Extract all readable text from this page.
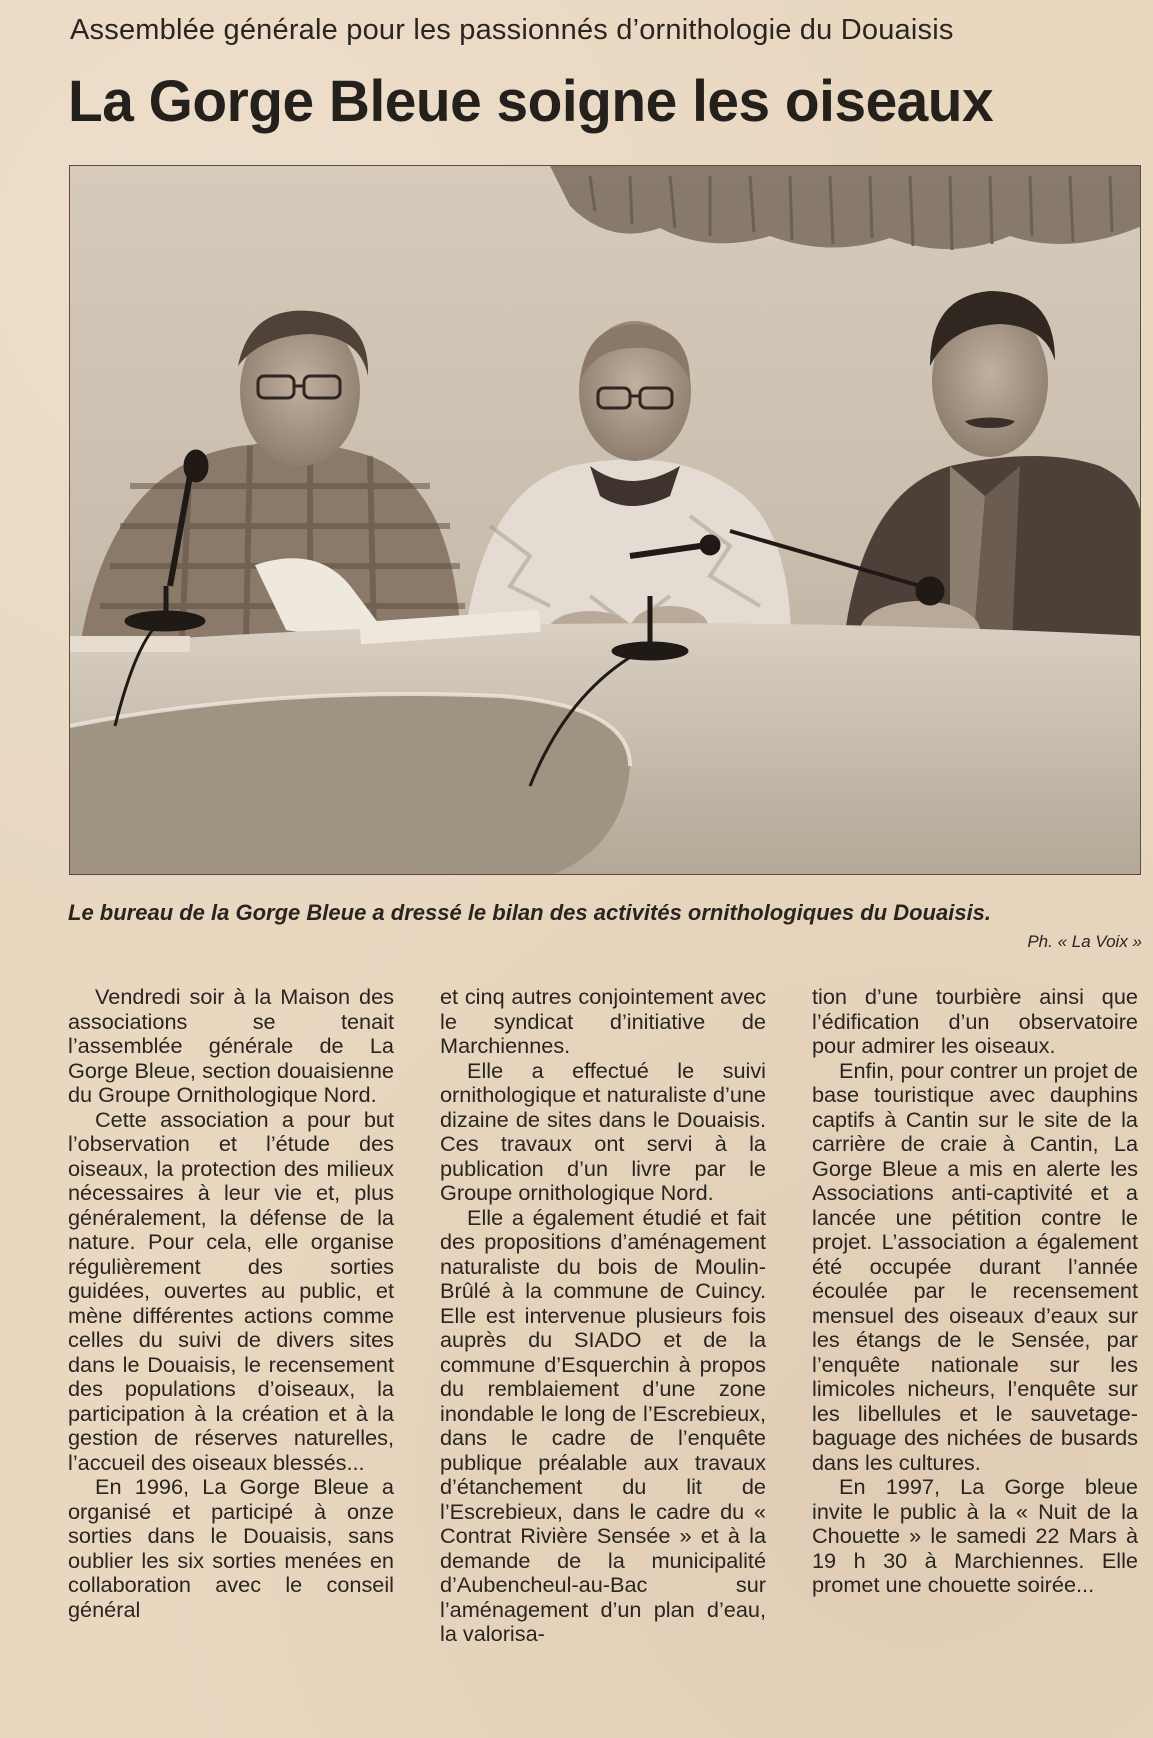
Assemblée générale pour les passionnés d’ornithologie du Douaisis
La Gorge Bleue soigne les oiseaux
Le bureau de la Gorge Bleue a dressé le bilan des activités ornithologiques du Douaisis.
Ph. « La Voix »

Vendredi soir à la Maison des associations se tenait l’assemblée générale de La Gorge Bleue, section douaisienne du Groupe Ornithologique Nord.

Cette association a pour but l’observation et l’étude des oiseaux, la protection des milieux nécessaires à leur vie et, plus généralement, la défense de la nature. Pour cela, elle organise régulièrement des sorties guidées, ouvertes au public, et mène différentes actions comme celles du suivi de divers sites dans le Douaisis, le recensement des populations d’oiseaux, la participation à la création et à la gestion de réserves naturelles, l’accueil des oiseaux blessés...

En 1996, La Gorge Bleue a organisé et participé à onze sorties dans le Douaisis, sans oublier les six sorties menées en collaboration avec le conseil général

et cinq autres conjointement avec le syndicat d’initiative de Marchiennes.

Elle a effectué le suivi ornithologique et naturaliste d’une dizaine de sites dans le Douaisis. Ces travaux ont servi à la publication d’un livre par le Groupe ornithologique Nord.

Elle a également étudié et fait des propositions d’aménagement naturaliste du bois de Moulin-Brûlé à la commune de Cuincy. Elle est intervenue plusieurs fois auprès du SIADO et de la commune d’Esquerchin à propos du remblaiement d’une zone inondable le long de l’Escrebieux, dans le cadre de l’enquête publique préalable aux travaux d’étanchement du lit de l’Escrebieux, dans le cadre du « Contrat Rivière Sensée » et à la demande de la municipalité d’Aubencheul-au-Bac sur l’aménagement d’un plan d’eau, la valorisa-

tion d’une tourbière ainsi que l’édification d’un observatoire pour admirer les oiseaux.

Enfin, pour contrer un projet de base touristique avec dauphins captifs à Cantin sur le site de la carrière de craie à Cantin, La Gorge Bleue a mis en alerte les Associations anti-captivité et a lancée une pétition contre le projet. L’association a également été occupée durant l’année écoulée par le recensement mensuel des oiseaux d’eaux sur les étangs de le Sensée, par l’enquête nationale sur les limicoles nicheurs, l’enquête sur les libellules et le sauvetage-baguage des nichées de busards dans les cultures.

En 1997, La Gorge bleue invite le public à la « Nuit de la Chouette » le samedi 22 Mars à 19 h 30 à Marchiennes. Elle promet une chouette soirée...
